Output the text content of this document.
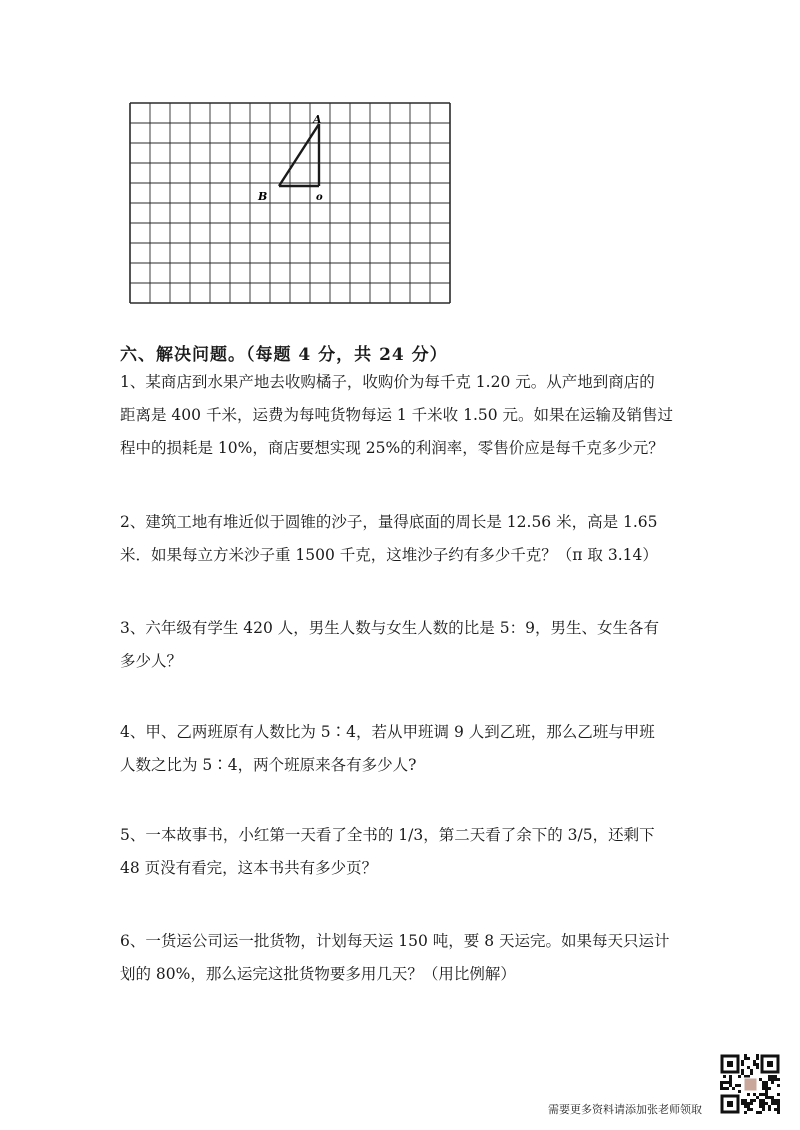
A
B	o
六、解决问题。（每题 4 分，共 24 分）
1、某商店到水果产地去收购橘子，收购价为每千克 1.20 元。从产地到商店的
距离是 400 千米，运费为每吨货物每运 1 千米收 1.50 元。如果在运输及销售过
程中的损耗是 10%，商店要想实现 25%的利润率，零售价应是每千克多少元？
2、建筑工地有堆近似于圆锥的沙子，量得底面的周长是 12.56 米，高是 1.65
米．如果每立方米沙子重 1500 千克，这堆沙子约有多少千克？（π 取 3.14）
3、六年级有学生 420 人，男生人数与女生人数的比是 5：9，男生、女生各有
多少人？
4、甲、乙两班原有人数比为 5∶4，若从甲班调 9 人到乙班，那么乙班与甲班
人数之比为 5∶4，两个班原来各有多少人?
5、一本故事书，小红第一天看了全书的 1/3，第二天看了余下的 3/5，还剩下
48 页没有看完，这本书共有多少页？
6、一货运公司运一批货物，计划每天运 150 吨，要 8 天运完。如果每天只运计
划的 80%，那么运完这批货物要多用几天？（用比例解）
需要更多资料请添加张老师领取
